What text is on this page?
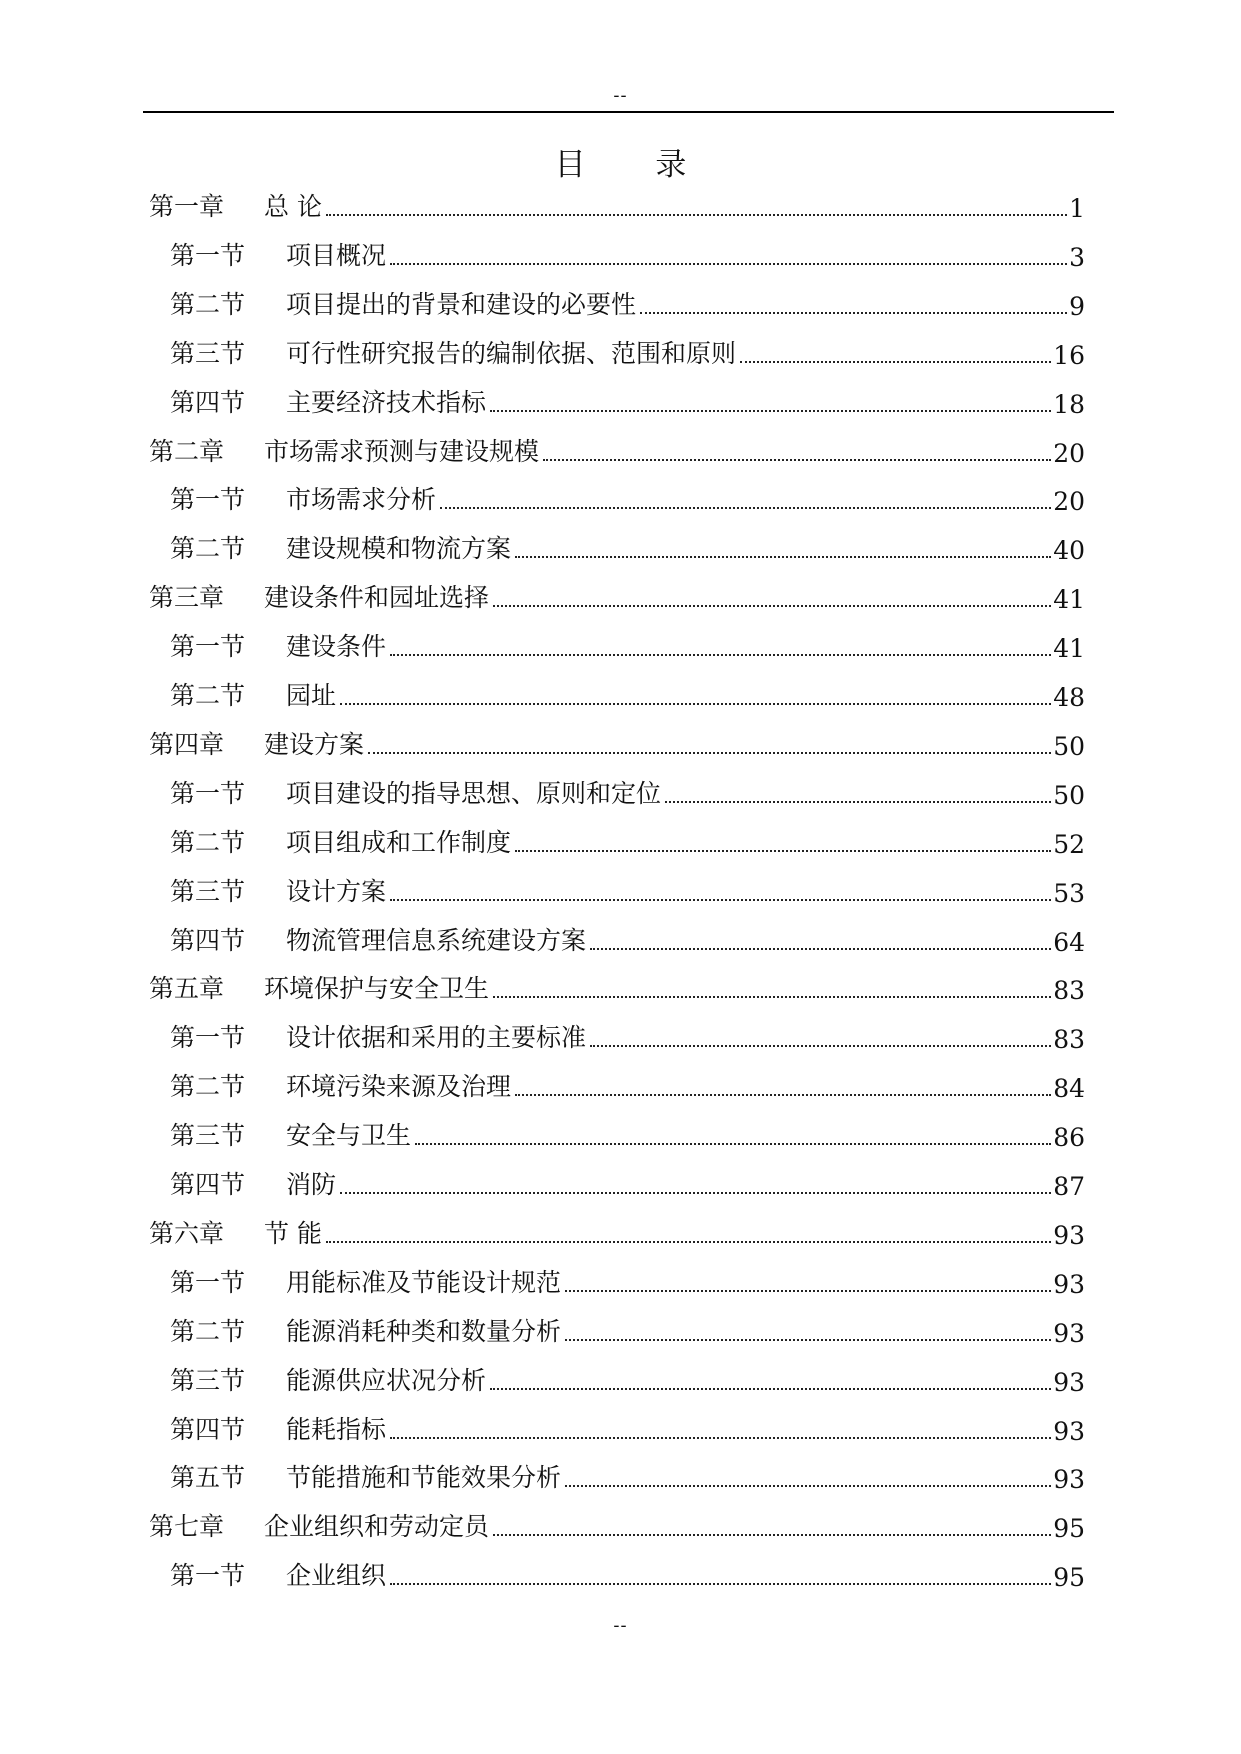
--
目 录
第一章	总 论	1
第一节	项目概况	3
第二节	项目提出的背景和建设的必要性	9
第三节	可行性研究报告的编制依据、范围和原则	16
第四节	主要经济技术指标	18
第二章	市场需求预测与建设规模	20
第一节	市场需求分析	20
第二节	建设规模和物流方案	40
第三章	建设条件和园址选择	41
第一节	建设条件	41
第二节	园址	48
第四章	建设方案	50
第一节	项目建设的指导思想、原则和定位	50
第二节	项目组成和工作制度	52
第三节	设计方案	53
第四节	物流管理信息系统建设方案	64
第五章	环境保护与安全卫生	83
第一节	设计依据和采用的主要标准	83
第二节	环境污染来源及治理	84
第三节	安全与卫生	86
第四节	消防	87
第六章	节 能	93
第一节	用能标准及节能设计规范	93
第二节	能源消耗种类和数量分析	93
第三节	能源供应状况分析	93
第四节	能耗指标	93
第五节	节能措施和节能效果分析	93
第七章	企业组织和劳动定员	95
第一节	企业组织	95
--
